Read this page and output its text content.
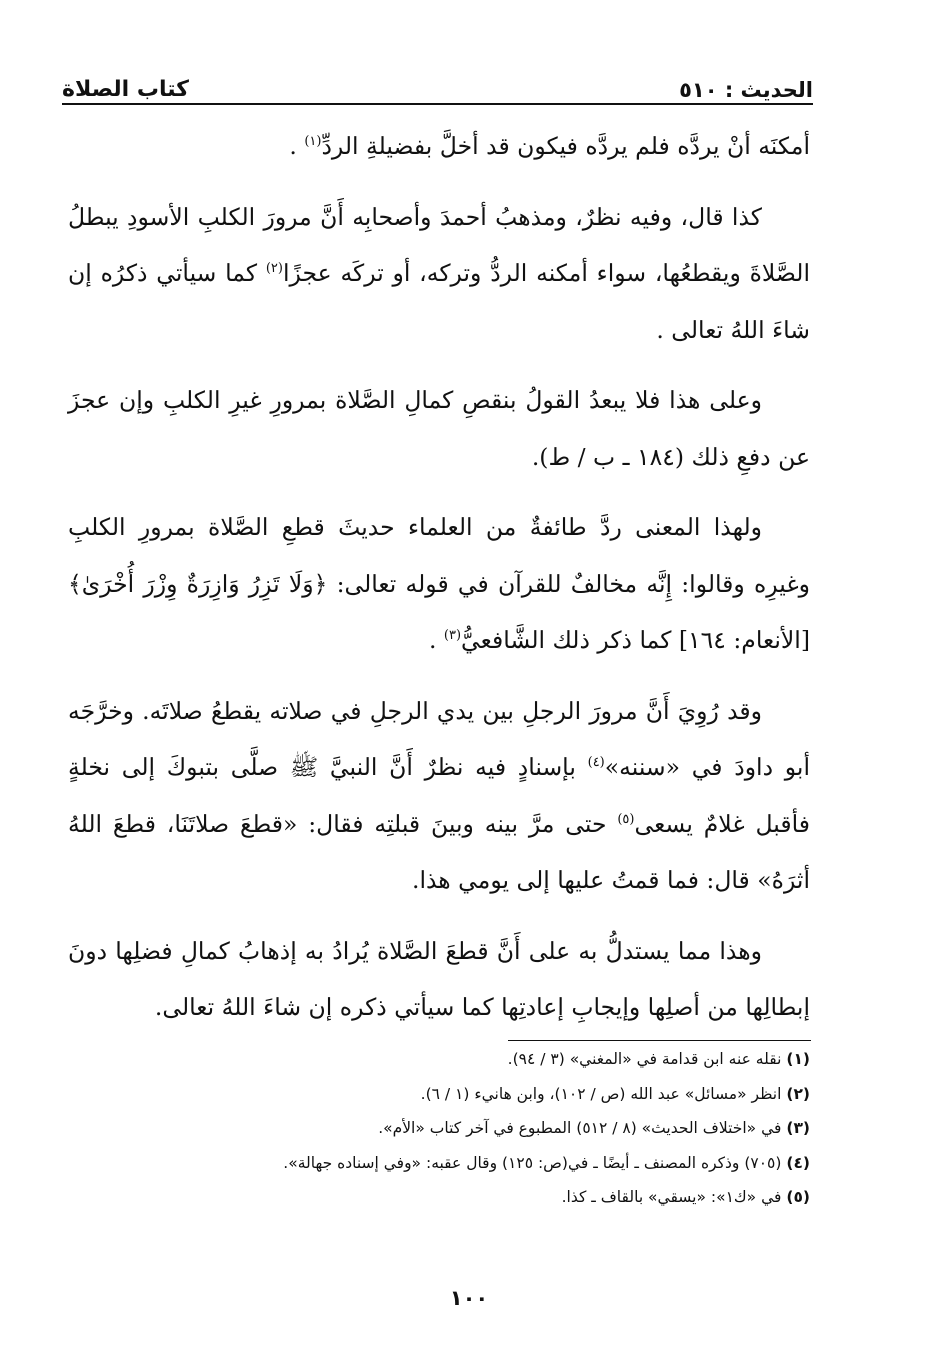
الحديث : ٥١٠
كتاب الصلاة

أمكنَه أنْ يردَّه فلم يردَّه فيكون قد أخلَّ بفضيلةِ الردِّ$^{(١)}$ .

كذا قال، وفيه نظرٌ، ومذهبُ أحمدَ وأصحابِه أَنَّ مرورَ الكلبِ الأسودِ يبطلُ الصَّلاةَ ويقطعُها، سواء أمكنه الردُّ وتركه، أو تركَه عجزًا$^{(٢)}$ كما سيأتي ذكرُه إن شاءَ اللهُ تعالى .

وعلى هذا فلا يبعدُ القولُ بنقصِ كمالِ الصَّلاة بمرورِ غيرِ الكلبِ وإن عجزَ عن دفعِ ذلك (١٨٤ ـ ب / ط).

ولهذا المعنى ردَّ طائفةٌ من العلماء حديثَ قطعِ الصَّلاة بمرورِ الكلبِ وغيرِه وقالوا: إِنَّه مخالفٌ للقرآن في قوله تعالى: ﴿وَلَا تَزِرُ وَازِرَةٌ وِزْرَ أُخْرَىٰ﴾ [الأنعام: ١٦٤] كما ذكر ذلك الشَّافعيُّ$^{(٣)}$ .

وقد رُوِيَ أَنَّ مرورَ الرجلِ بين يدي الرجلِ في صلاته يقطعُ صلاتَه. وخرَّجَه أبو داودَ في «سننه»$^{(٤)}$ بإسنادٍ فيه نظرٌ أَنَّ النبيَّ ﷺ صلَّى بتبوكَ إلى نخلةٍ فأقبل غلامٌ يسعى$^{(٥)}$ حتى مرَّ بينه وبينَ قبلتِه فقال: «قطعَ صلاتَنَا، قطعَ اللهُ أثرَهُ» قال: فما قمتُ عليها إلى يومي هذا.

وهذا مما يستدلُّ به على أَنَّ قطعَ الصَّلاة يُرادُ به إذهابُ كمالِ فضلِها دونَ إبطالِها من أصلِها وإيجابِ إعادتِها كما سيأتي ذكره إن شاءَ اللهُ تعالى.

(١) نقله عنه ابن قدامة في «المغني» (٣ / ٩٤).
(٢) انظر «مسائل» عبد الله (ص / ١٠٢)، وابن هانيء (١ / ٦).
(٣) في «اختلاف الحديث» (٨ / ٥١٢) المطبوع في آخر كتاب «الأم».
(٤) (٧٠٥) وذكره المصنف ـ أيضًا ـ في(ص: ١٢٥) وقال عقبه: «وفي إسناده جهالة».
(٥) في «ك١»: «يسقي» بالقاف ـ كذا.
١٠٠
